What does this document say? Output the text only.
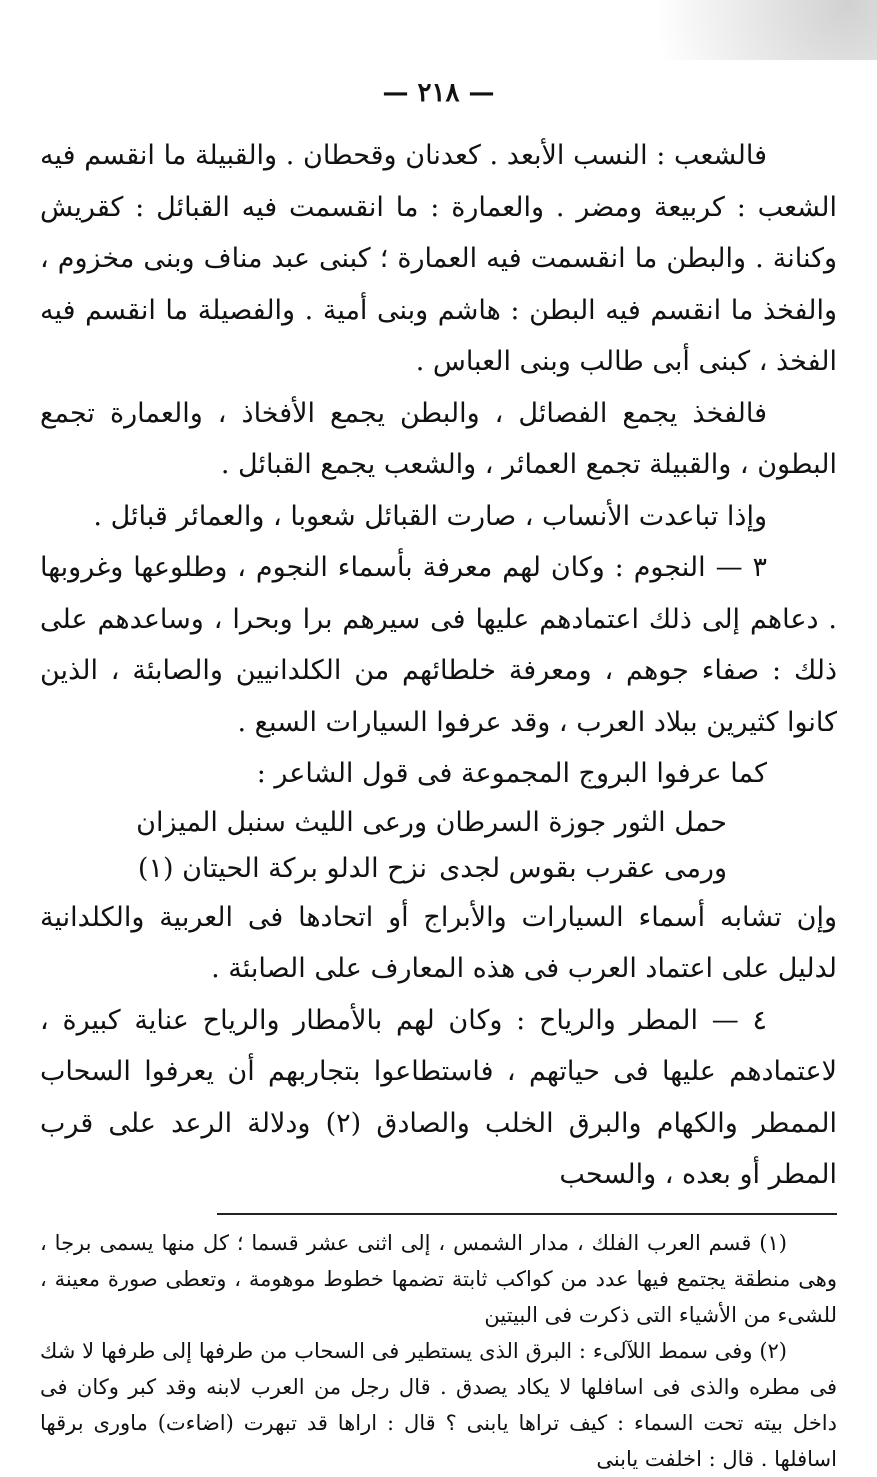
— ٢١٨ —

فالشعب : النسب الأبعد . كعدنان وقحطان . والقبيلة ما انقسم فيه الشعب : كربيعة ومضر . والعمارة : ما انقسمت فيه القبائل : كقريش وكنانة . والبطن ما انقسمت فيه العمارة ؛ كبنى عبد مناف وبنى مخزوم ، والفخذ ما انقسم فيه البطن : هاشم وبنى أمية . والفصيلة ما انقسم فيه الفخذ ، كبنى أبى طالب وبنى العباس .

فالفخذ يجمع الفصائل ، والبطن يجمع الأفخاذ ، والعمارة تجمع البطون ، والقبيلة تجمع العمائر ، والشعب يجمع القبائل .

وإذا تباعدت الأنساب ، صارت القبائل شعوبا ، والعمائر قبائل .

٣ — النجوم : وكان لهم معرفة بأسماء النجوم ، وطلوعها وغروبها . دعاهم إلى ذلك اعتمادهم عليها فى سيرهم برا وبحرا ، وساعدهم على ذلك : صفاء جوهم ، ومعرفة خلطائهم من الكلدانيين والصابئة ، الذين كانوا كثيرين ببلاد العرب ، وقد عرفوا السيارات السبع .

كما عرفوا البروج المجموعة فى قول الشاعر :

حمل الثور جوزة السرطان
ورعى الليث سنبل الميزان
ورمى عقرب بقوس لجدى
نزح الدلو بركة الحيتان (١)

وإن تشابه أسماء السيارات والأبراج أو اتحادها فى العربية والكلدانية لدليل على اعتماد العرب فى هذه المعارف على الصابئة .

٤ — المطر والرياح : وكان لهم بالأمطار والرياح عناية كبيرة ، لاعتمادهم عليها فى حياتهم ، فاستطاعوا بتجاربهم أن يعرفوا السحاب الممطر والكهام والبرق الخلب والصادق (٢) ودلالة الرعد على قرب المطر أو بعده ، والسحب

(١) قسم العرب الفلك ، مدار الشمس ، إلى اثنى عشر قسما ؛ كل منها يسمى برجا ، وهى منطقة يجتمع فيها عدد من كواكب ثابتة تضمها خطوط موهومة ، وتعطى صورة معينة ، للشىء من الأشياء التى ذكرت فى البيتين

(٢) وفى سمط اللآلىء : البرق الذى يستطير فى السحاب من طرفها إلى طرفها لا شك فى مطره والذى فى اسافلها لا يكاد يصدق . قال رجل من العرب لابنه وقد كبر وكان فى داخل بيته تحت السماء : كيف تراها يابنى ؟ قال : اراها قد تبهرت (اضاءت) ماورى برقها اسافلها . قال : اخلفت يابنى
